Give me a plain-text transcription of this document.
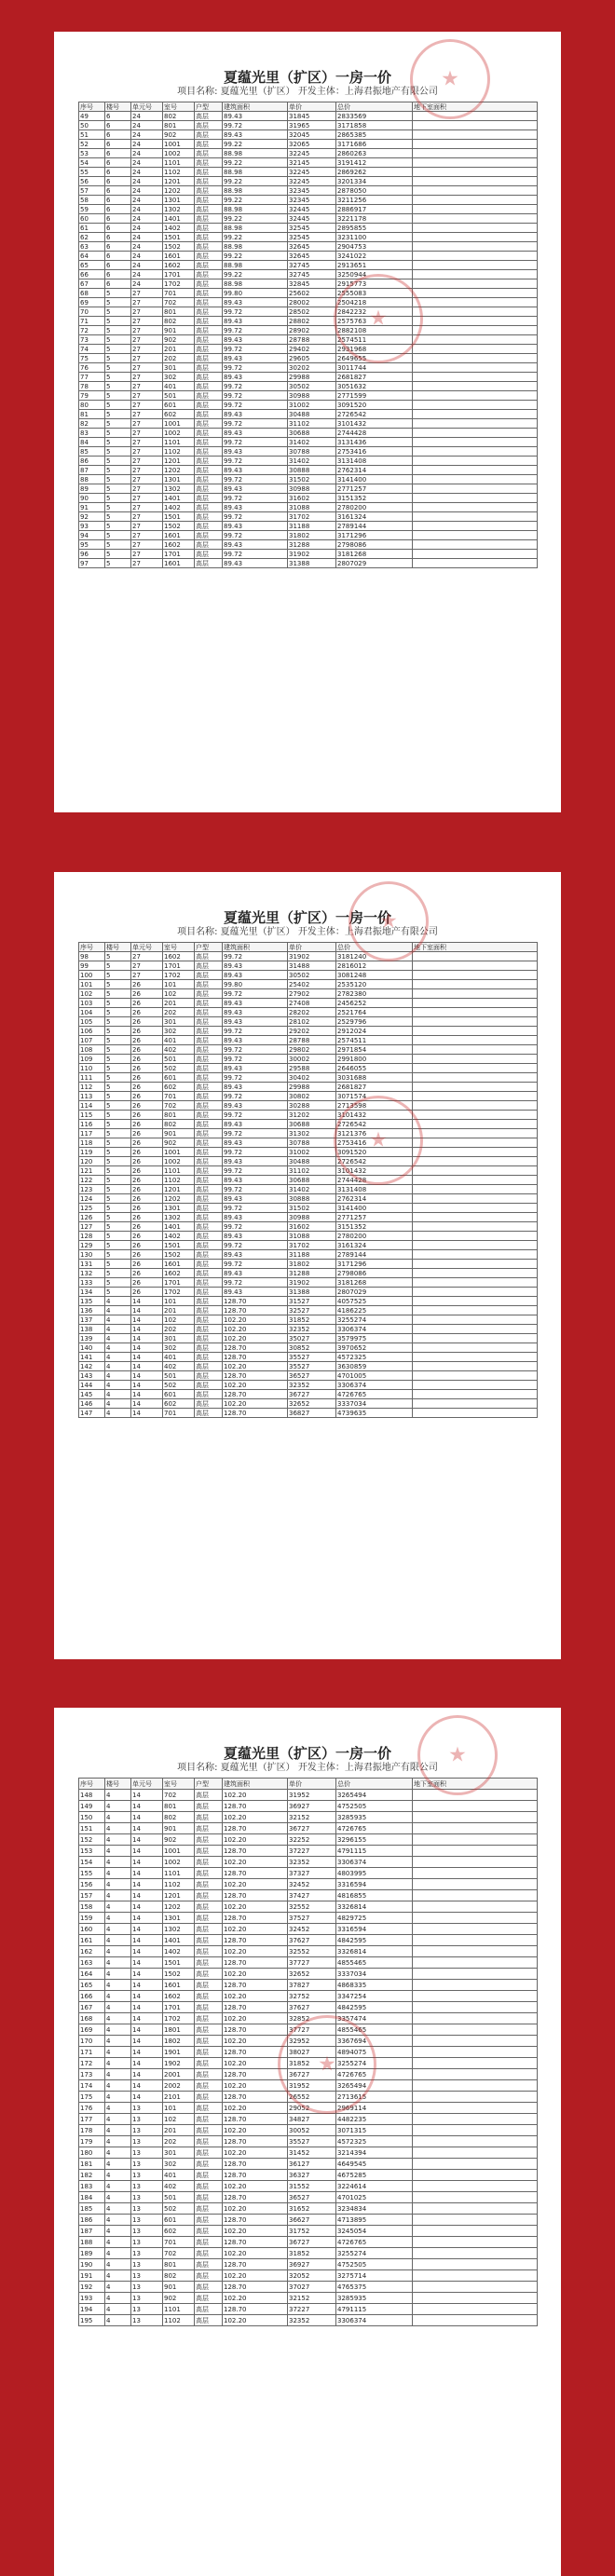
★
★
夏蕴光里（扩区）一房一价
项目名称: 夏蕴光里（扩区） 开发主体：上海君振地产有限公司
序号	楼号	单元号	室号	户型	建筑面积	单价	总价	地下室面积
49	6	24	802	高层	89.43	31845	2833569	
50	6	24	801	高层	99.72	31965	3171858	
51	6	24	902	高层	89.43	32045	2865385	
52	6	24	1001	高层	99.22	32065	3171686	
53	6	24	1002	高层	88.98	32245	2860263	
54	6	24	1101	高层	99.22	32145	3191412	
55	6	24	1102	高层	88.98	32245	2869262	
56	6	24	1201	高层	99.22	32245	3201334	
57	6	24	1202	高层	88.98	32345	2878050	
58	6	24	1301	高层	99.22	32345	3211256	
59	6	24	1302	高层	88.98	32445	2886917	
60	6	24	1401	高层	99.22	32445	3221178	
61	6	24	1402	高层	88.98	32545	2895855	
62	6	24	1501	高层	99.22	32545	3231100	
63	6	24	1502	高层	88.98	32645	2904753	
64	6	24	1601	高层	99.22	32645	3241022	
65	6	24	1602	高层	88.98	32745	2913651	
66	6	24	1701	高层	99.22	32745	3250944	
67	6	24	1702	高层	88.98	32845	2915773	
68	5	27	701	高层	99.80	25602	2555083	
69	5	27	702	高层	89.43	28002	2504218	
70	5	27	801	高层	99.72	28502	2842232	
71	5	27	802	高层	89.43	28802	2575763	
72	5	27	901	高层	99.72	28902	2882108	
73	5	27	902	高层	89.43	28788	2574511	
74	5	27	201	高层	99.72	29402	2931968	
75	5	27	202	高层	89.43	29605	2649655	
76	5	27	301	高层	99.72	30202	3011744	
77	5	27	302	高层	89.43	29988	2681827	
78	5	27	401	高层	99.72	30502	3051632	
79	5	27	501	高层	99.72	30988	2771599	
80	5	27	601	高层	99.72	31002	3091520	
81	5	27	602	高层	89.43	30488	2726542	
82	5	27	1001	高层	99.72	31102	3101432	
83	5	27	1002	高层	89.43	30688	2744428	
84	5	27	1101	高层	99.72	31402	3131436	
85	5	27	1102	高层	89.43	30788	2753416	
86	5	27	1201	高层	99.72	31402	3131408	
87	5	27	1202	高层	89.43	30888	2762314	
88	5	27	1301	高层	99.72	31502	3141400	
89	5	27	1302	高层	89.43	30988	2771257	
90	5	27	1401	高层	99.72	31602	3151352	
91	5	27	1402	高层	89.43	31088	2780200	
92	5	27	1501	高层	99.72	31702	3161324	
93	5	27	1502	高层	89.43	31188	2789144	
94	5	27	1601	高层	99.72	31802	3171296	
95	5	27	1602	高层	89.43	31288	2798086	
96	5	27	1701	高层	99.72	31902	3181268	
97	5	27	1601	高层	89.43	31388	2807029	
★
★
夏蕴光里（扩区）一房一价
项目名称: 夏蕴光里（扩区） 开发主体：上海君振地产有限公司
序号	楼号	单元号	室号	户型	建筑面积	单价	总价	地下室面积
98	5	27	1602	高层	99.72	31902	3181240	
99	5	27	1701	高层	89.43	31488	2816012	
100	5	27	1702	高层	89.43	30502	3081248	
101	5	26	101	高层	99.80	25402	2535120	
102	5	26	102	高层	99.72	27902	2782380	
103	5	26	201	高层	89.43	27408	2456252	
104	5	26	202	高层	89.43	28202	2521764	
105	5	26	301	高层	89.43	28102	2529796	
106	5	26	302	高层	99.72	29202	2912024	
107	5	26	401	高层	89.43	28788	2574511	
108	5	26	402	高层	99.72	29802	2971854	
109	5	26	501	高层	99.72	30002	2991800	
110	5	26	502	高层	89.43	29588	2646055	
111	5	26	601	高层	99.72	30402	3031688	
112	5	26	602	高层	89.43	29988	2681827	
113	5	26	701	高层	99.72	30802	3071574	
114	5	26	702	高层	89.43	30288	2713598	
115	5	26	801	高层	99.72	31202	3101432	
116	5	26	802	高层	89.43	30688	2726542	
117	5	26	901	高层	99.72	31302	3121376	
118	5	26	902	高层	89.43	30788	2753416	
119	5	26	1001	高层	99.72	31002	3091520	
120	5	26	1002	高层	89.43	30488	2726542	
121	5	26	1101	高层	99.72	31102	3101432	
122	5	26	1102	高层	89.43	30688	2744428	
123	5	26	1201	高层	99.72	31402	3131408	
124	5	26	1202	高层	89.43	30888	2762314	
125	5	26	1301	高层	99.72	31502	3141400	
126	5	26	1302	高层	89.43	30988	2771257	
127	5	26	1401	高层	99.72	31602	3151352	
128	5	26	1402	高层	89.43	31088	2780200	
129	5	26	1501	高层	99.72	31702	3161324	
130	5	26	1502	高层	89.43	31188	2789144	
131	5	26	1601	高层	99.72	31802	3171296	
132	5	26	1602	高层	89.43	31288	2798086	
133	5	26	1701	高层	99.72	31902	3181268	
134	5	26	1702	高层	89.43	31388	2807029	
135	4	14	101	高层	128.70	31527	4057525	
136	4	14	201	高层	128.70	32527	4186225	
137	4	14	102	高层	102.20	31852	3255274	
138	4	14	202	高层	102.20	32352	3306374	
139	4	14	301	高层	102.20	35027	3579975	
140	4	14	302	高层	128.70	30852	3970652	
141	4	14	401	高层	128.70	35527	4572325	
142	4	14	402	高层	102.20	35527	3630859	
143	4	14	501	高层	128.70	36527	4701005	
144	4	14	502	高层	102.20	32352	3306374	
145	4	14	601	高层	128.70	36727	4726765	
146	4	14	602	高层	102.20	32652	3337034	
147	4	14	701	高层	128.70	36827	4739635	
★
★
夏蕴光里（扩区）一房一价
项目名称: 夏蕴光里（扩区） 开发主体：上海君振地产有限公司
序号	楼号	单元号	室号	户型	建筑面积	单价	总价	地下室面积
148	4	14	702	高层	102.20	31952	3265494	
149	4	14	801	高层	128.70	36927	4752505	
150	4	14	802	高层	102.20	32152	3285935	
151	4	14	901	高层	128.70	36727	4726765	
152	4	14	902	高层	102.20	32252	3296155	
153	4	14	1001	高层	128.70	37227	4791115	
154	4	14	1002	高层	102.20	32352	3306374	
155	4	14	1101	高层	128.70	37327	4803995	
156	4	14	1102	高层	102.20	32452	3316594	
157	4	14	1201	高层	128.70	37427	4816855	
158	4	14	1202	高层	102.20	32552	3326814	
159	4	14	1301	高层	128.70	37527	4829725	
160	4	14	1302	高层	102.20	32452	3316594	
161	4	14	1401	高层	128.70	37627	4842595	
162	4	14	1402	高层	102.20	32552	3326814	
163	4	14	1501	高层	128.70	37727	4855465	
164	4	14	1502	高层	102.20	32652	3337034	
165	4	14	1601	高层	128.70	37827	4868335	
166	4	14	1602	高层	102.20	32752	3347254	
167	4	14	1701	高层	128.70	37627	4842595	
168	4	14	1702	高层	102.20	32852	3357474	
169	4	14	1801	高层	128.70	37727	4855465	
170	4	14	1802	高层	102.20	32952	3367694	
171	4	14	1901	高层	128.70	38027	4894075	
172	4	14	1902	高层	102.20	31852	3255274	
173	4	14	2001	高层	128.70	36727	4726765	
174	4	14	2002	高层	102.20	31952	3265494	
175	4	14	2101	高层	128.70	26552	2713615	
176	4	13	101	高层	102.20	29052	2969114	
177	4	13	102	高层	128.70	34827	4482235	
178	4	13	201	高层	102.20	30052	3071315	
179	4	13	202	高层	128.70	35527	4572325	
180	4	13	301	高层	102.20	31452	3214394	
181	4	13	302	高层	128.70	36127	4649545	
182	4	13	401	高层	128.70	36327	4675285	
183	4	13	402	高层	102.20	31552	3224614	
184	4	13	501	高层	128.70	36527	4701025	
185	4	13	502	高层	102.20	31652	3234834	
186	4	13	601	高层	128.70	36627	4713895	
187	4	13	602	高层	102.20	31752	3245054	
188	4	13	701	高层	128.70	36727	4726765	
189	4	13	702	高层	102.20	31852	3255274	
190	4	13	801	高层	128.70	36927	4752505	
191	4	13	802	高层	102.20	32052	3275714	
192	4	13	901	高层	128.70	37027	4765375	
193	4	13	902	高层	102.20	32152	3285935	
194	4	13	1101	高层	128.70	37227	4791115	
195	4	13	1102	高层	102.20	32352	3306374	
搜狐号@搜狐焦点福州房产
